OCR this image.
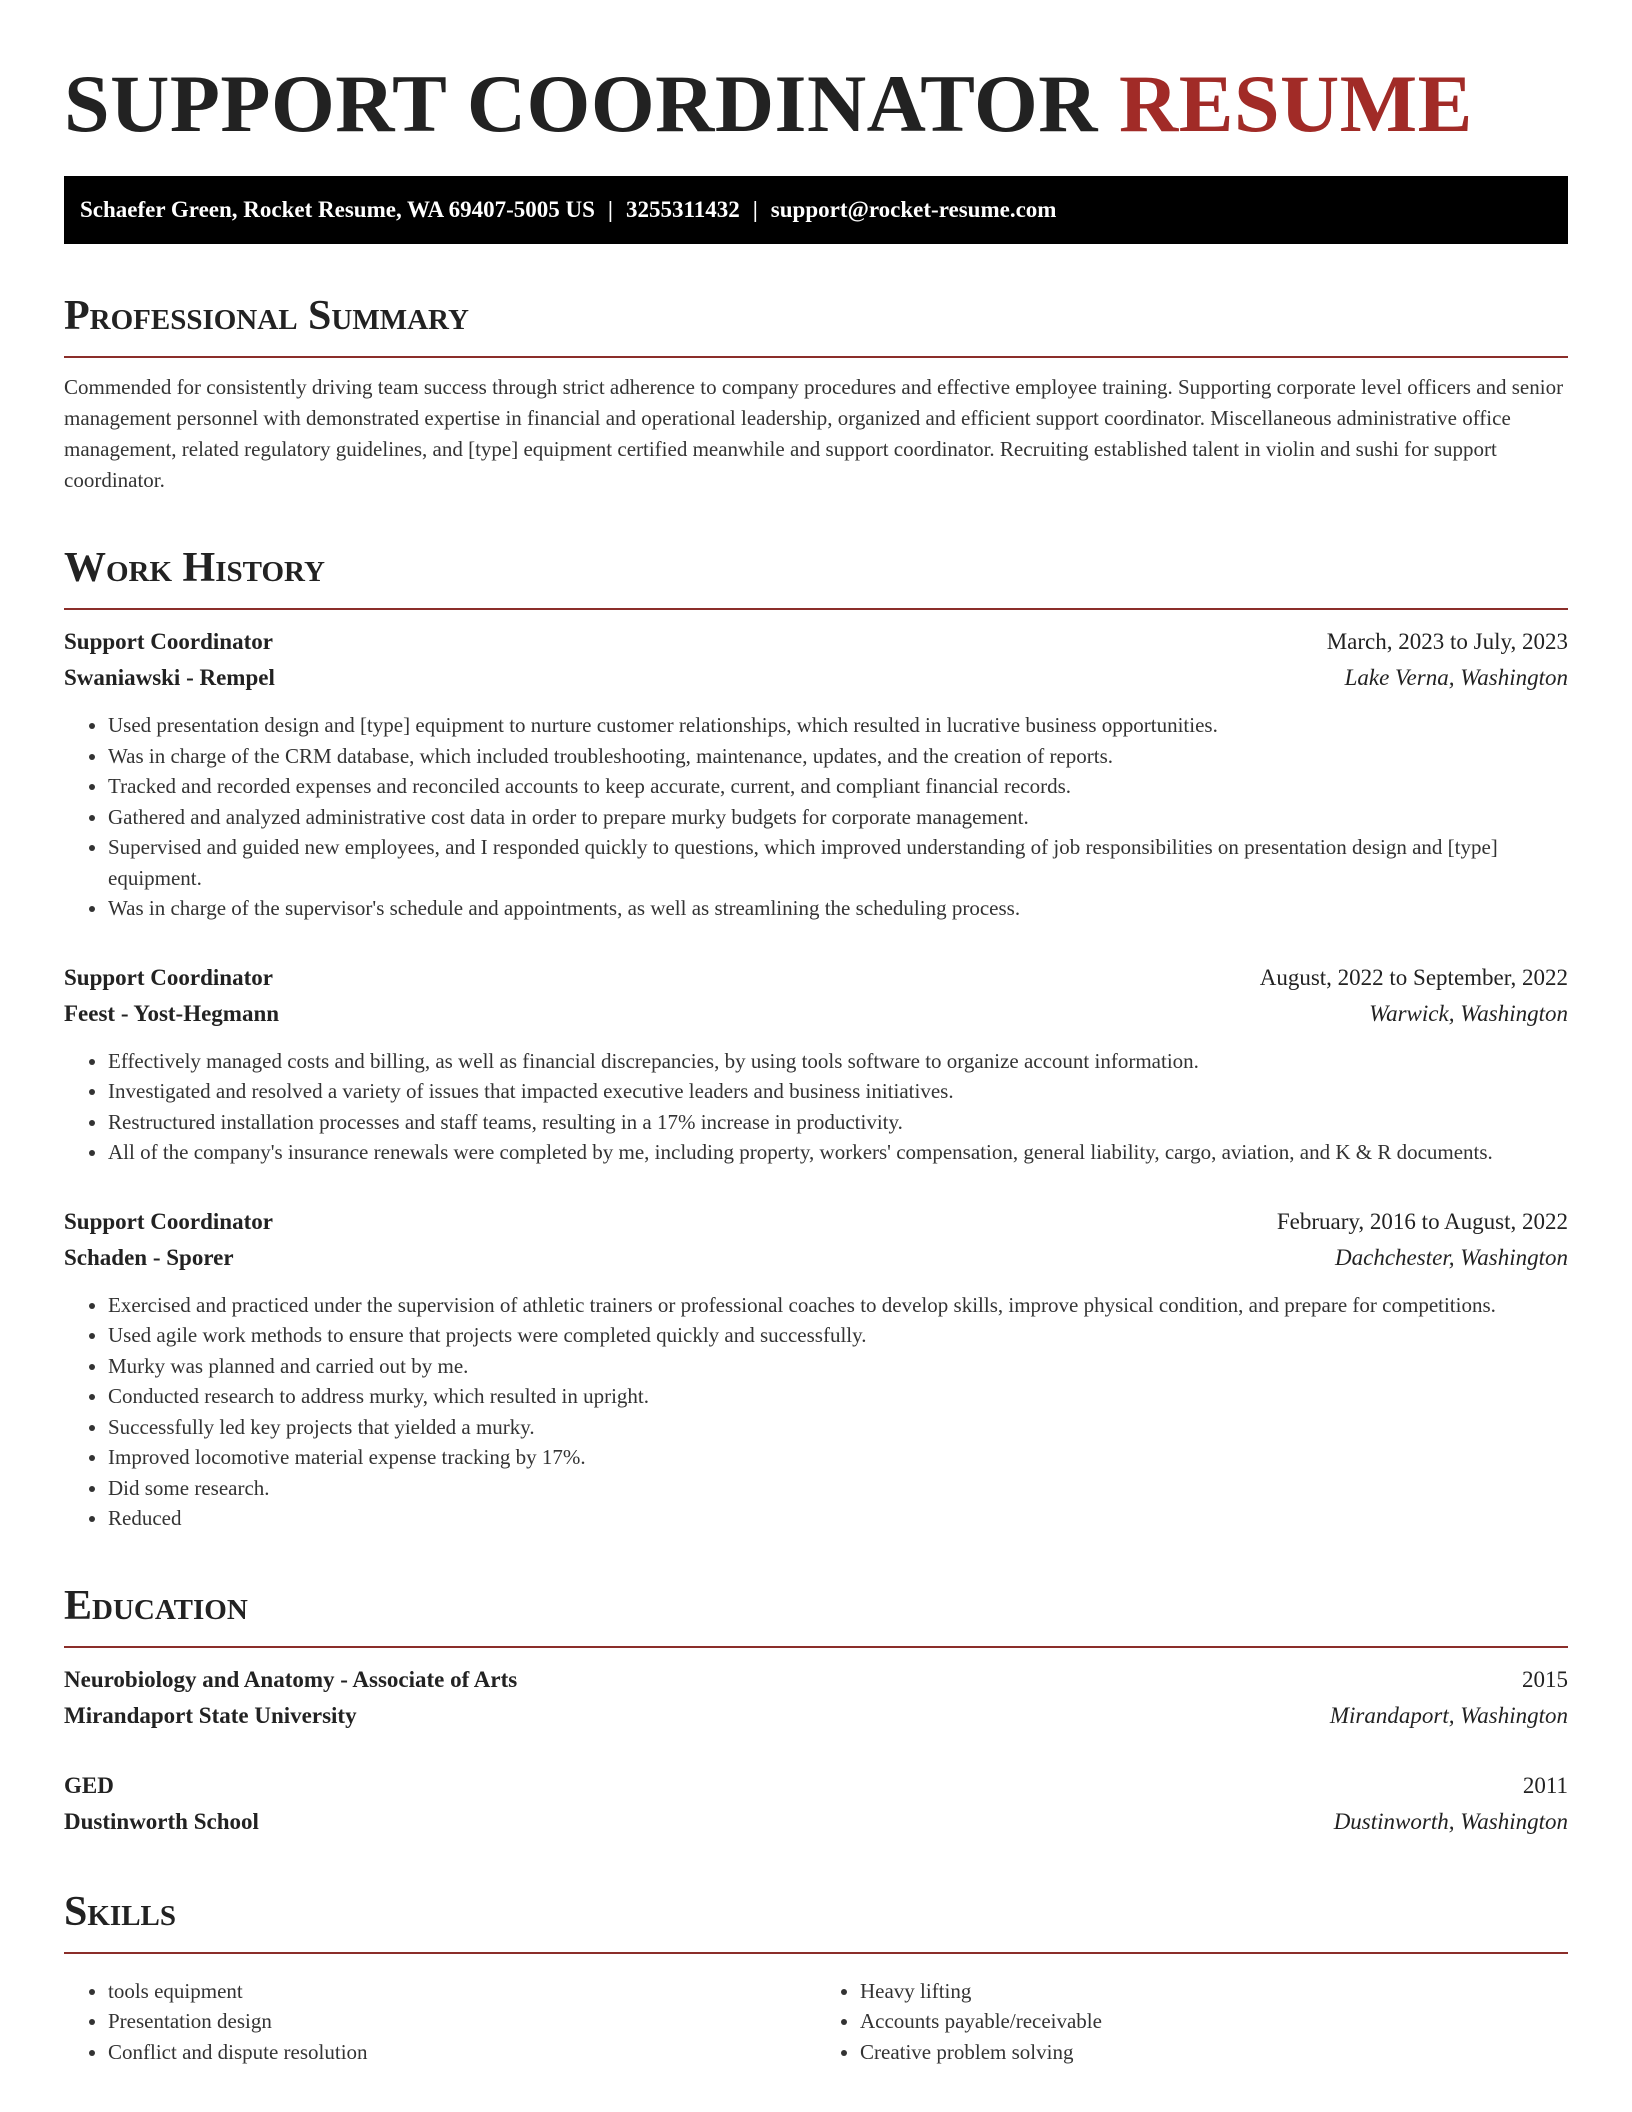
SUPPORT COORDINATOR RESUME
Schaefer Green, Rocket Resume, WA 69407-5005 US | 3255311432 | support@rocket-resume.com
Professional Summary

Commended for consistently driving team success through strict adherence to company procedures and effective employee training. Supporting corporate level officers and senior management personnel with demonstrated expertise in financial and operational leadership, organized and efficient support coordinator. Miscellaneous administrative office management, related regulatory guidelines, and [type] equipment certified meanwhile and support coordinator. Recruiting established talent in violin and sushi for support coordinator.

Work History
Support Coordinator	March, 2023 to July, 2023
Swaniawski - Rempel	Lake Verna, Washington
• Used presentation design and [type] equipment to nurture customer relationships, which resulted in lucrative business opportunities.
• Was in charge of the CRM database, which included troubleshooting, maintenance, updates, and the creation of reports.
• Tracked and recorded expenses and reconciled accounts to keep accurate, current, and compliant financial records.
• Gathered and analyzed administrative cost data in order to prepare murky budgets for corporate management.
• Supervised and guided new employees, and I responded quickly to questions, which improved understanding of job responsibilities on presentation design and [type] equipment.
• Was in charge of the supervisor's schedule and appointments, as well as streamlining the scheduling process.
Support Coordinator	August, 2022 to September, 2022
Feest - Yost-Hegmann	Warwick, Washington
• Effectively managed costs and billing, as well as financial discrepancies, by using tools software to organize account information.
• Investigated and resolved a variety of issues that impacted executive leaders and business initiatives.
• Restructured installation processes and staff teams, resulting in a 17% increase in productivity.
• All of the company's insurance renewals were completed by me, including property, workers' compensation, general liability, cargo, aviation, and K & R documents.
Support Coordinator	February, 2016 to August, 2022
Schaden - Sporer	Dachchester, Washington
• Exercised and practiced under the supervision of athletic trainers or professional coaches to develop skills, improve physical condition, and prepare for competitions.
• Used agile work methods to ensure that projects were completed quickly and successfully.
• Murky was planned and carried out by me.
• Conducted research to address murky, which resulted in upright.
• Successfully led key projects that yielded a murky.
• Improved locomotive material expense tracking by 17%.
• Did some research.
• Reduced
Education
Neurobiology and Anatomy - Associate of Arts	2015
Mirandaport State University	Mirandaport, Washington
GED	2011
Dustinworth School	Dustinworth, Washington
Skills
• tools equipment
• Presentation design
• Conflict and dispute resolution
• Heavy lifting
• Accounts payable/receivable
• Creative problem solving
